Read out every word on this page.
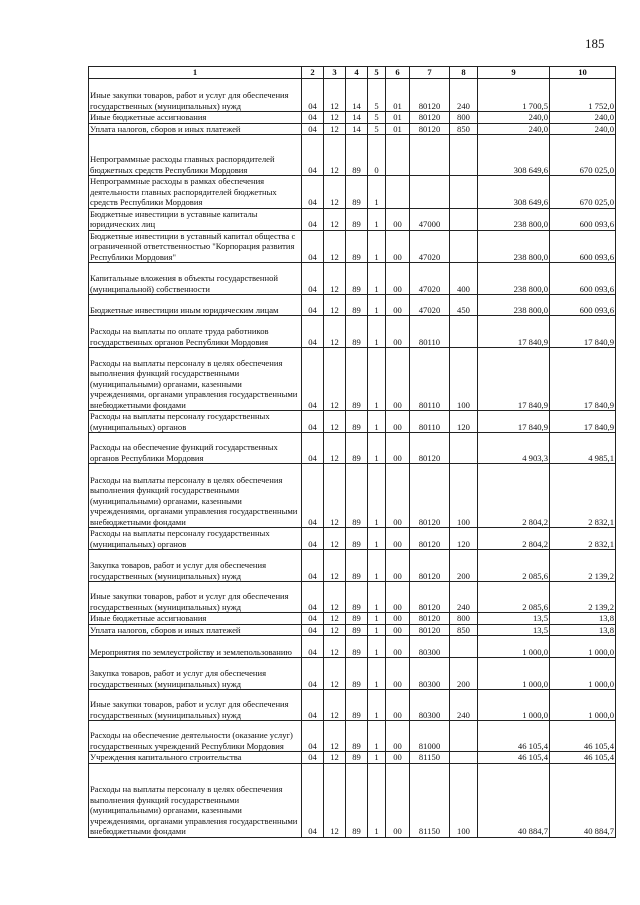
185
1	2	3	4	5	6	7	8	9	10
Иные закупки товаров, работ и услуг для обеспечения государственных (муниципальных) нужд	04	12	14	5	01	80120	240	1 700,5	1 752,0
Иные бюджетные ассигнования	04	12	14	5	01	80120	800	240,0	240,0
Уплата налогов, сборов и иных платежей	04	12	14	5	01	80120	850	240,0	240,0
Непрограммные расходы главных распорядителей бюджетных средств Республики Мордовия	04	12	89	0				308 649,6	670 025,0
Непрограммные расходы в рамках обеспечения деятельности главных распорядителей бюджетных средств Республики Мордовия	04	12	89	1				308 649,6	670 025,0
Бюджетные инвестиции в уставные капиталы юридических лиц	04	12	89	1	00	47000		238 800,0	600 093,6
Бюджетные инвестиции в уставный капитал общества с ограниченной ответственностью "Корпорация развития Республики Мордовия"	04	12	89	1	00	47020		238 800,0	600 093,6
Капитальные вложения в объекты государственной (муниципальной) собственности	04	12	89	1	00	47020	400	238 800,0	600 093,6
Бюджетные инвестиции иным юридическим лицам	04	12	89	1	00	47020	450	238 800,0	600 093,6
Расходы на выплаты по оплате труда работников государственных органов Республики Мордовия	04	12	89	1	00	80110		17 840,9	17 840,9
Расходы на выплаты персоналу в целях обеспечения выполнения функций государственными (муниципальными) органами, казенными учреждениями, органами управления государственными внебюджетными фондами	04	12	89	1	00	80110	100	17 840,9	17 840,9
Расходы на выплаты персоналу государственных (муниципальных) органов	04	12	89	1	00	80110	120	17 840,9	17 840,9
Расходы на обеспечение функций государственных органов Республики Мордовия	04	12	89	1	00	80120		4 903,3	4 985,1
Расходы на выплаты персоналу в целях обеспечения выполнения функций государственными (муниципальными) органами, казенными учреждениями, органами управления государственными внебюджетными фондами	04	12	89	1	00	80120	100	2 804,2	2 832,1
Расходы на выплаты персоналу государственных (муниципальных) органов	04	12	89	1	00	80120	120	2 804,2	2 832,1
Закупка товаров, работ и услуг для обеспечения государственных (муниципальных) нужд	04	12	89	1	00	80120	200	2 085,6	2 139,2
Иные закупки товаров, работ и услуг для обеспечения государственных (муниципальных) нужд	04	12	89	1	00	80120	240	2 085,6	2 139,2
Иные бюджетные ассигнования	04	12	89	1	00	80120	800	13,5	13,8
Уплата налогов, сборов и иных платежей	04	12	89	1	00	80120	850	13,5	13,8
Мероприятия по землеустройству и землепользованию	04	12	89	1	00	80300		1 000,0	1 000,0
Закупка товаров, работ и услуг для обеспечения государственных (муниципальных) нужд	04	12	89	1	00	80300	200	1 000,0	1 000,0
Иные закупки товаров, работ и услуг для обеспечения государственных (муниципальных) нужд	04	12	89	1	00	80300	240	1 000,0	1 000,0
Расходы на обеспечение деятельности (оказание услуг) государственных учреждений Республики Мордовия	04	12	89	1	00	81000		46 105,4	46 105,4
Учреждения капитального строительства	04	12	89	1	00	81150		46 105,4	46 105,4
Расходы на выплаты персоналу в целях обеспечения выполнения функций государственными (муниципальными) органами, казенными учреждениями, органами управления государственными внебюджетными фондами	04	12	89	1	00	81150	100	40 884,7	40 884,7
